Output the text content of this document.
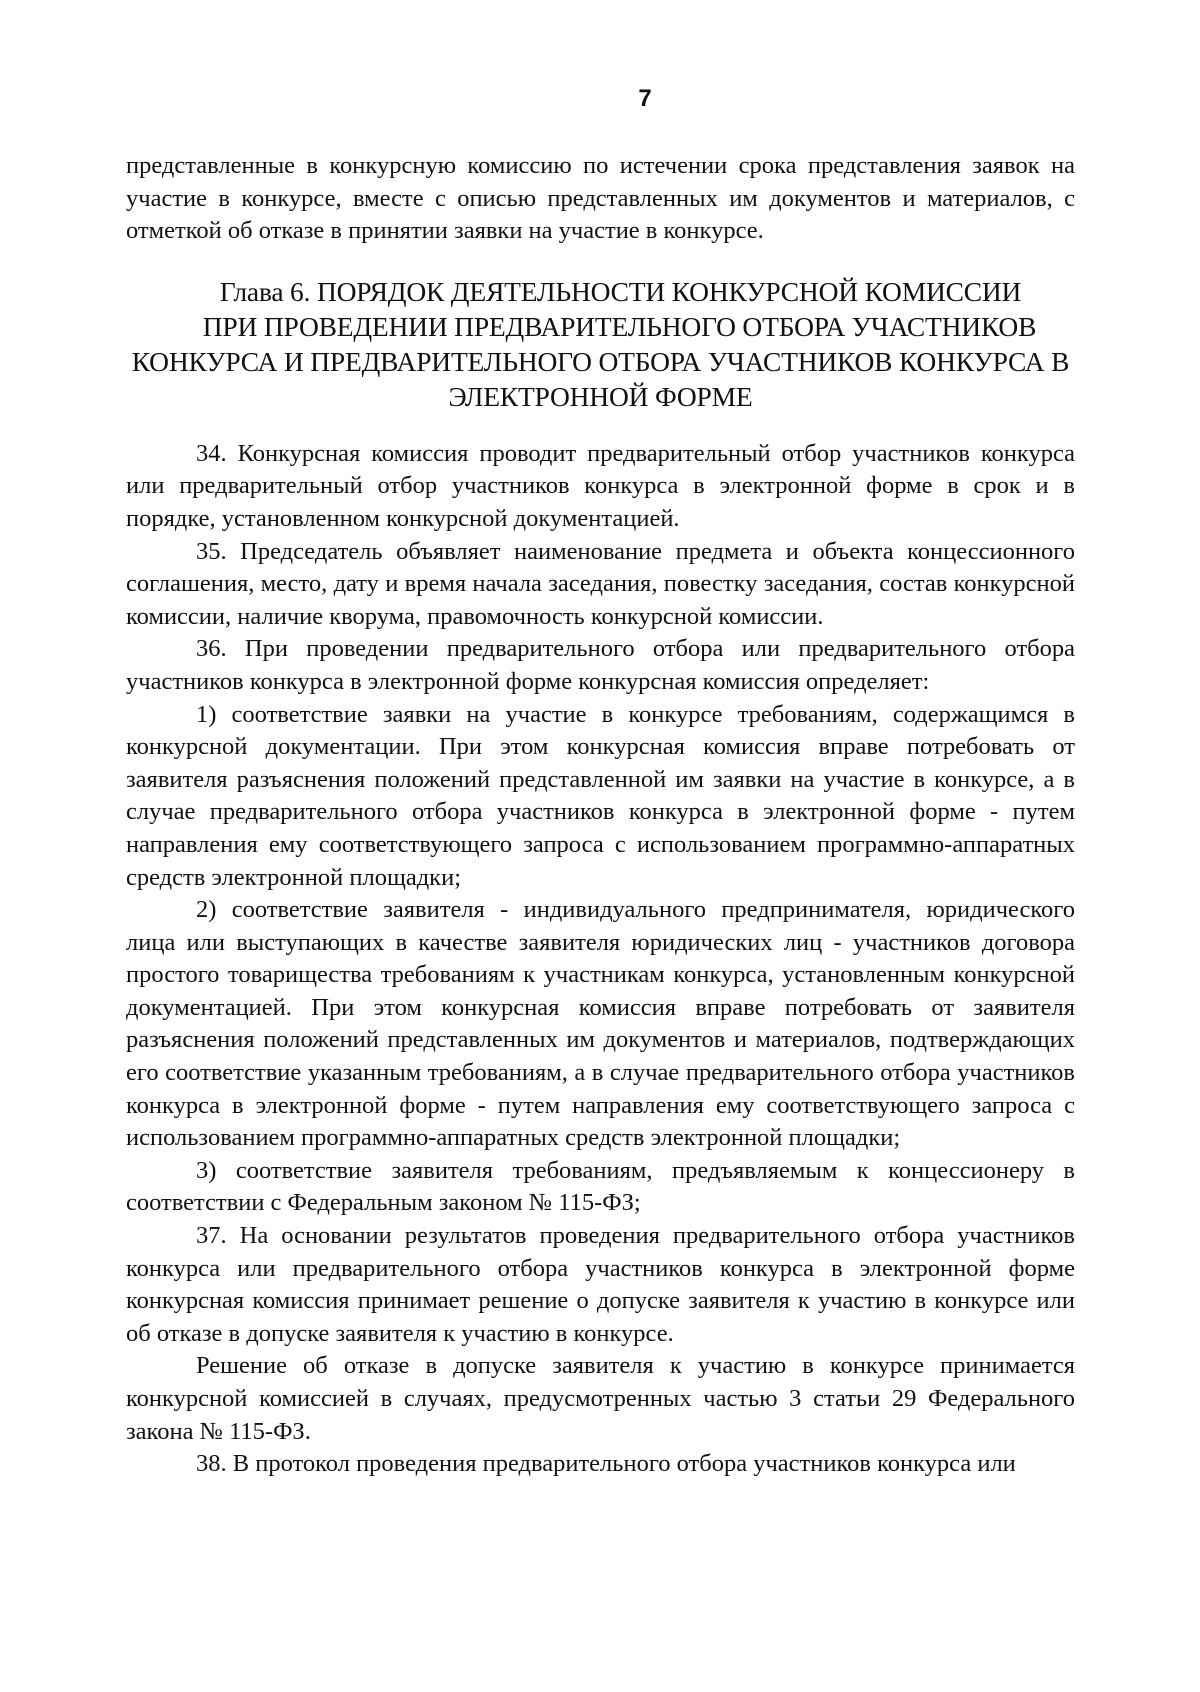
7

представленные в конкурсную комиссию по истечении срока представления заявок на участие в конкурсе, вместе с описью представленных им документов и материалов, с отметкой об отказе в принятии заявки на участие в конкурсе.

Глава 6. ПОРЯДОК ДЕЯТЕЛЬНОСТИ КОНКУРСНОЙ КОМИССИИ
ПРИ ПРОВЕДЕНИИ ПРЕДВАРИТЕЛЬНОГО ОТБОРА УЧАСТНИКОВ
КОНКУРСА И ПРЕДВАРИТЕЛЬНОГО ОТБОРА УЧАСТНИКОВ КОНКУРСА В
ЭЛЕКТРОННОЙ ФОРМЕ

34. Конкурсная комиссия проводит предварительный отбор участников конкурса или предварительный отбор участников конкурса в электронной форме в срок и в порядке, установленном конкурсной документацией.

35. Председатель объявляет наименование предмета и объекта концессионного соглашения, место, дату и время начала заседания, повестку заседания, состав конкурсной комиссии, наличие кворума, правомочность конкурсной комиссии.

36. При проведении предварительного отбора или предварительного отбора участников конкурса в электронной форме конкурсная комиссия определяет:

1) соответствие заявки на участие в конкурсе требованиям, содержащимся в конкурсной документации. При этом конкурсная комиссия вправе потребовать от заявителя разъяснения положений представленной им заявки на участие в конкурсе, а в случае предварительного отбора участников конкурса в электронной форме - путем направления ему соответствующего запроса с использованием программно-аппаратных средств электронной площадки;

2) соответствие заявителя - индивидуального предпринимателя, юридического лица или выступающих в качестве заявителя юридических лиц - участников договора простого товарищества требованиям к участникам конкурса, установленным конкурсной документацией. При этом конкурсная комиссия вправе потребовать от заявителя разъяснения положений представленных им документов и материалов, подтверждающих его соответствие указанным требованиям, а в случае предварительного отбора участников конкурса в электронной форме - путем направления ему соответствующего запроса с использованием программно-аппаратных средств электронной площадки;

3) соответствие заявителя требованиям, предъявляемым к концессионеру в соответствии с Федеральным законом № 115-ФЗ;

37. На основании результатов проведения предварительного отбора участников конкурса или предварительного отбора участников конкурса в электронной форме конкурсная комиссия принимает решение о допуске заявителя к участию в конкурсе или об отказе в допуске заявителя к участию в конкурсе.

Решение об отказе в допуске заявителя к участию в конкурсе принимается конкурсной комиссией в случаях, предусмотренных частью 3 статьи 29 Федерального закона № 115-ФЗ.

38. В протокол проведения предварительного отбора участников конкурса или
